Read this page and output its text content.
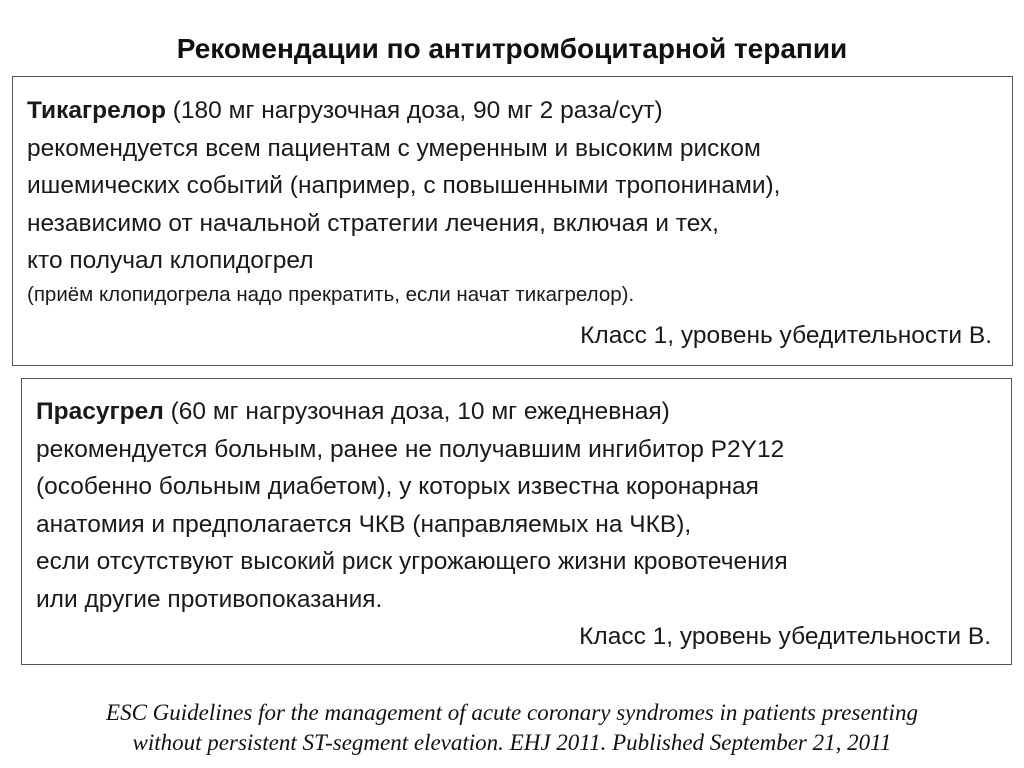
Рекомендации по антитромбоцитарной терапии
Тикагрелор (180 мг нагрузочная доза, 90 мг 2 раза/сут)
рекомендуется всем пациентам с умеренным и высоким риском
ишемических событий (например, с повышенными тропонинами),
независимо от начальной стратегии лечения, включая и тех,
кто получал клопидогрел
(приём клопидогрела надо прекратить, если начат тикагрелор).
Класс 1, уровень убедительности В.
Прасугрел (60 мг нагрузочная доза, 10 мг ежедневная)
рекомендуется больным, ранее не получавшим ингибитор P2Y12
(особенно больным диабетом), у которых известна коронарная
анатомия и предполагается ЧКВ (направляемых на ЧКВ),
если отсутствуют высокий риск угрожающего жизни кровотечения
или другие противопоказания.
Класс 1, уровень убедительности В.
ESC Guidelines for the management of acute coronary syndromes in patients presenting
without persistent ST-segment elevation. EHJ 2011. Published September 21, 2011
